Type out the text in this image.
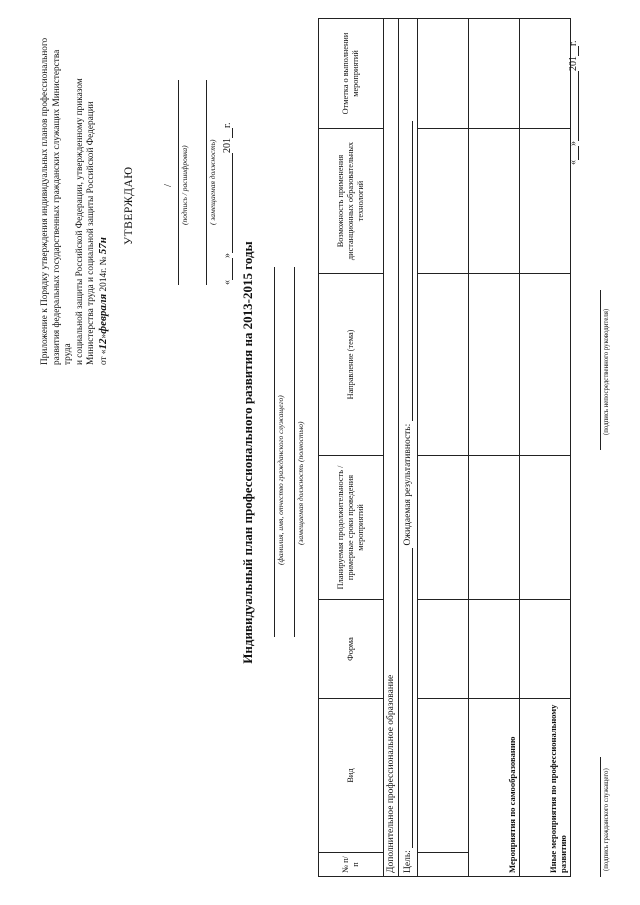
Приложение к Порядку утверждения индивидуальных планов профессионального развития федеральных государственных гражданских служащих Министерства труда и социальной защиты Российской Федерации, утвержденному приказом Министерства труда и социальной защиты Российской Федерации от «12»февраля 2014г. № 57н
УТВЕРЖДАЮ / (подпись / расшифровка)	( замещаемая должность)
«»201г.
Индивидуальный план профессионального развития на 2013-2015 годы	(фамилия, имя, отчество гражданского служащего) (замещаемая должность (полностью)
№ п/п	Вид	Форма	Планируемая продолжительность /примерные сроки проведения мероприятий	Направление (тема)	Возможность применения дистанционных образовательных технологий	Отметка о выполнении мероприятий
Дополнительное профессиональное образование						
Цель:  Ожидаемая результативность:						

Мероприятия по самообразованию						
Иные мероприятия по профессиональному развитию							(подпись гражданского служащего)
(подпись непосредственного руководителя)
«»201г.
